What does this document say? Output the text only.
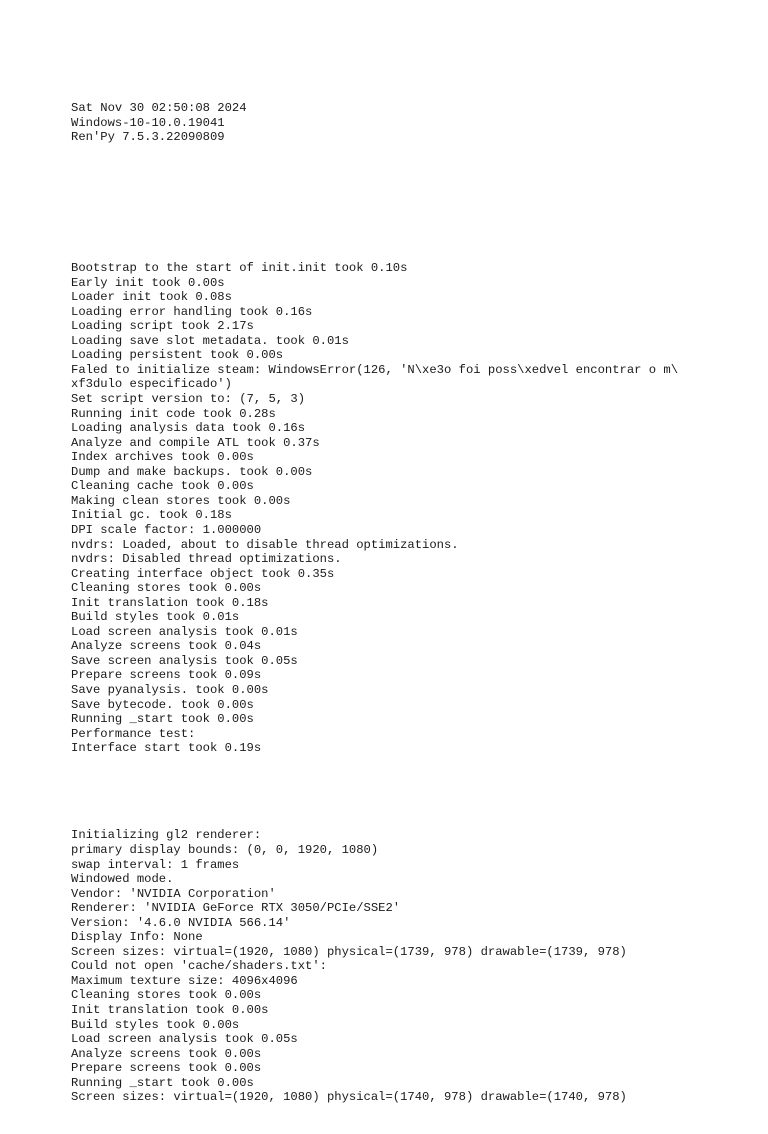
Sat Nov 30 02:50:08 2024
Windows-10-10.0.19041
Ren'Py 7.5.3.22090809

Bootstrap to the start of init.init took 0.10s
Early init took 0.00s
Loader init took 0.08s
Loading error handling took 0.16s
Loading script took 2.17s
Loading save slot metadata. took 0.01s
Loading persistent took 0.00s
Faled to initialize steam: WindowsError(126, 'N\xe3o foi poss\xedvel encontrar o m\
xf3dulo especificado')
Set script version to: (7, 5, 3)
Running init code took 0.28s
Loading analysis data took 0.16s
Analyze and compile ATL took 0.37s
Index archives took 0.00s
Dump and make backups. took 0.00s
Cleaning cache took 0.00s
Making clean stores took 0.00s
Initial gc. took 0.18s
DPI scale factor: 1.000000
nvdrs: Loaded, about to disable thread optimizations.
nvdrs: Disabled thread optimizations.
Creating interface object took 0.35s
Cleaning stores took 0.00s
Init translation took 0.18s
Build styles took 0.01s
Load screen analysis took 0.01s
Analyze screens took 0.04s
Save screen analysis took 0.05s
Prepare screens took 0.09s
Save pyanalysis. took 0.00s
Save bytecode. took 0.00s
Running _start took 0.00s
Performance test:
Interface start took 0.19s

Initializing gl2 renderer:
primary display bounds: (0, 0, 1920, 1080)
swap interval: 1 frames
Windowed mode.
Vendor: 'NVIDIA Corporation'
Renderer: 'NVIDIA GeForce RTX 3050/PCIe/SSE2'
Version: '4.6.0 NVIDIA 566.14'
Display Info: None
Screen sizes: virtual=(1920, 1080) physical=(1739, 978) drawable=(1739, 978)
Could not open 'cache/shaders.txt':
Maximum texture size: 4096x4096
Cleaning stores took 0.00s
Init translation took 0.00s
Build styles took 0.00s
Load screen analysis took 0.05s
Analyze screens took 0.00s
Prepare screens took 0.00s
Running _start took 0.00s
Screen sizes: virtual=(1920, 1080) physical=(1740, 978) drawable=(1740, 978)
